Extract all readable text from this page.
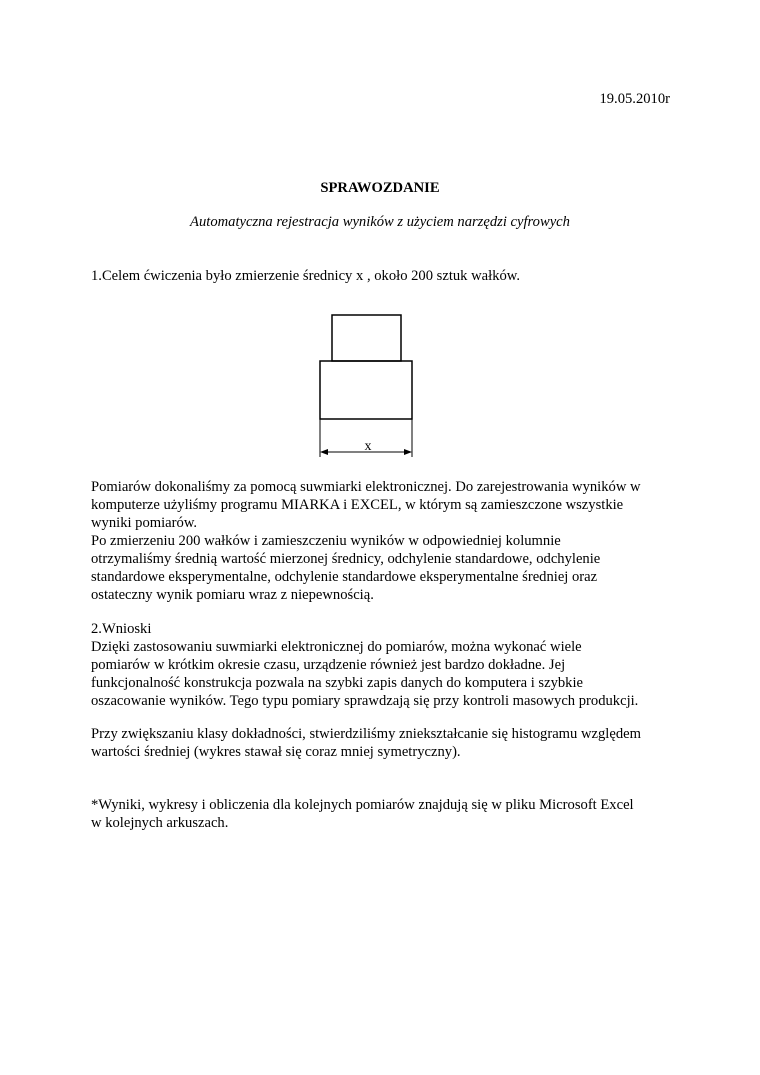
19.05.2010r
SPRAWOZDANIE
Automatyczna rejestracja wyników z użyciem narzędzi cyfrowych
1.Celem ćwiczenia było zmierzenie średnicy x , około 200 sztuk wałków.
x
Pomiarów dokonaliśmy za pomocą suwmiarki elektronicznej. Do zarejestrowania wyników w
komputerze użyliśmy programu MIARKA i EXCEL, w którym są zamieszczone wszystkie
wyniki pomiarów.
Po zmierzeniu 200 wałków i zamieszczeniu wyników w odpowiedniej kolumnie
otrzymaliśmy średnią wartość mierzonej średnicy, odchylenie standardowe, odchylenie
standardowe eksperymentalne, odchylenie standardowe eksperymentalne średniej oraz
ostateczny wynik pomiaru wraz z niepewnością.
2.Wnioski
Dzięki zastosowaniu suwmiarki elektronicznej do pomiarów, można wykonać wiele
pomiarów w krótkim okresie czasu, urządzenie również jest bardzo dokładne. Jej
funkcjonalność konstrukcja pozwala na szybki zapis danych do komputera i szybkie
oszacowanie wyników. Tego typu pomiary sprawdzają się przy kontroli masowych produkcji.
Przy zwiększaniu klasy dokładności, stwierdziliśmy zniekształcanie się histogramu względem
wartości średniej (wykres stawał się coraz mniej symetryczny).
*Wyniki, wykresy i obliczenia dla kolejnych pomiarów znajdują się w pliku Microsoft Excel
w kolejnych arkuszach.
